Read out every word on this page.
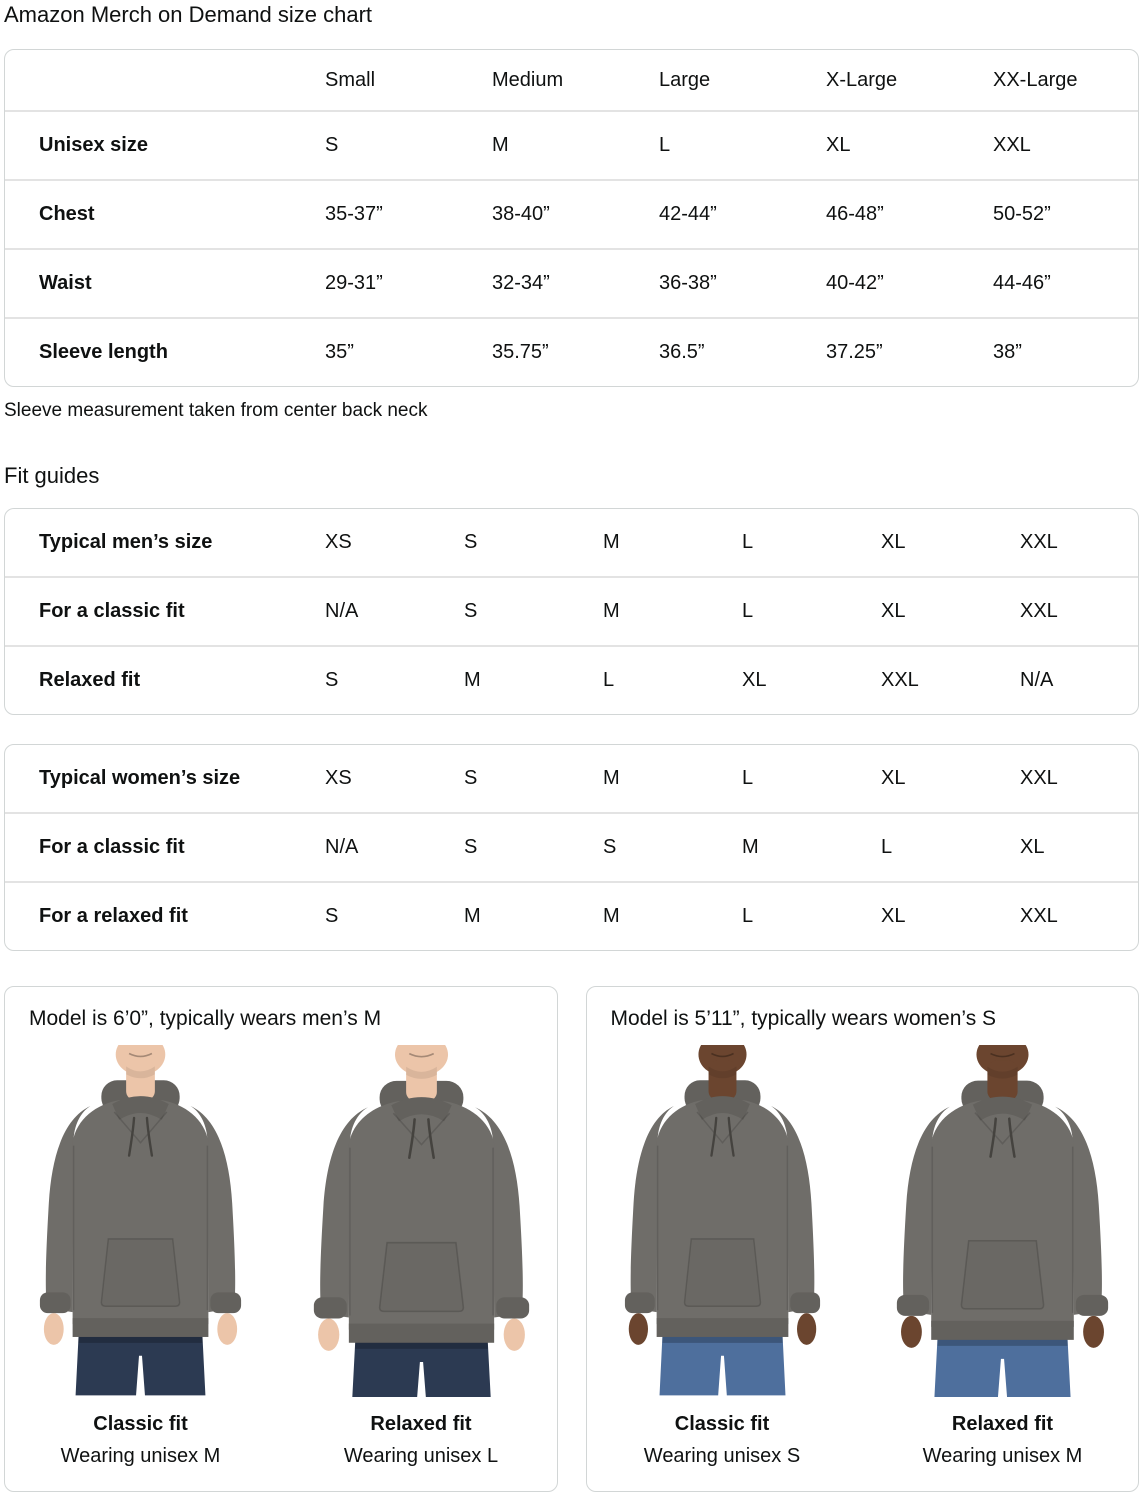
Amazon Merch on Demand size chart
	Small	Medium	Large	X-Large	XX-Large
Unisex size	S	M	L	XL	XXL
Chest	35-37”	38-40”	42-44”	46-48”	50-52”
Waist	29-31”	32-34”	36-38”	40-42”	44-46”
Sleeve length	35”	35.75”	36.5”	37.25”	38”

Sleeve measurement taken from center back neck

Fit guides
Typical men’s size	XS	S	M	L	XL	XXL
For a classic fit	N/A	S	M	L	XL	XXL
Relaxed fit	S	M	L	XL	XXL	N/A
Typical women’s size	XS	S	M	L	XL	XXL
For a classic fit	N/A	S	S	M	L	XL
For a relaxed fit	S	M	M	L	XL	XXL

Model is 6’0”, typically wears men’s M

Classic fit
Wearing unisex M
Relaxed fit
Wearing unisex L

Model is 5’11”, typically wears women’s S

Classic fit
Wearing unisex S
Relaxed fit
Wearing unisex M
